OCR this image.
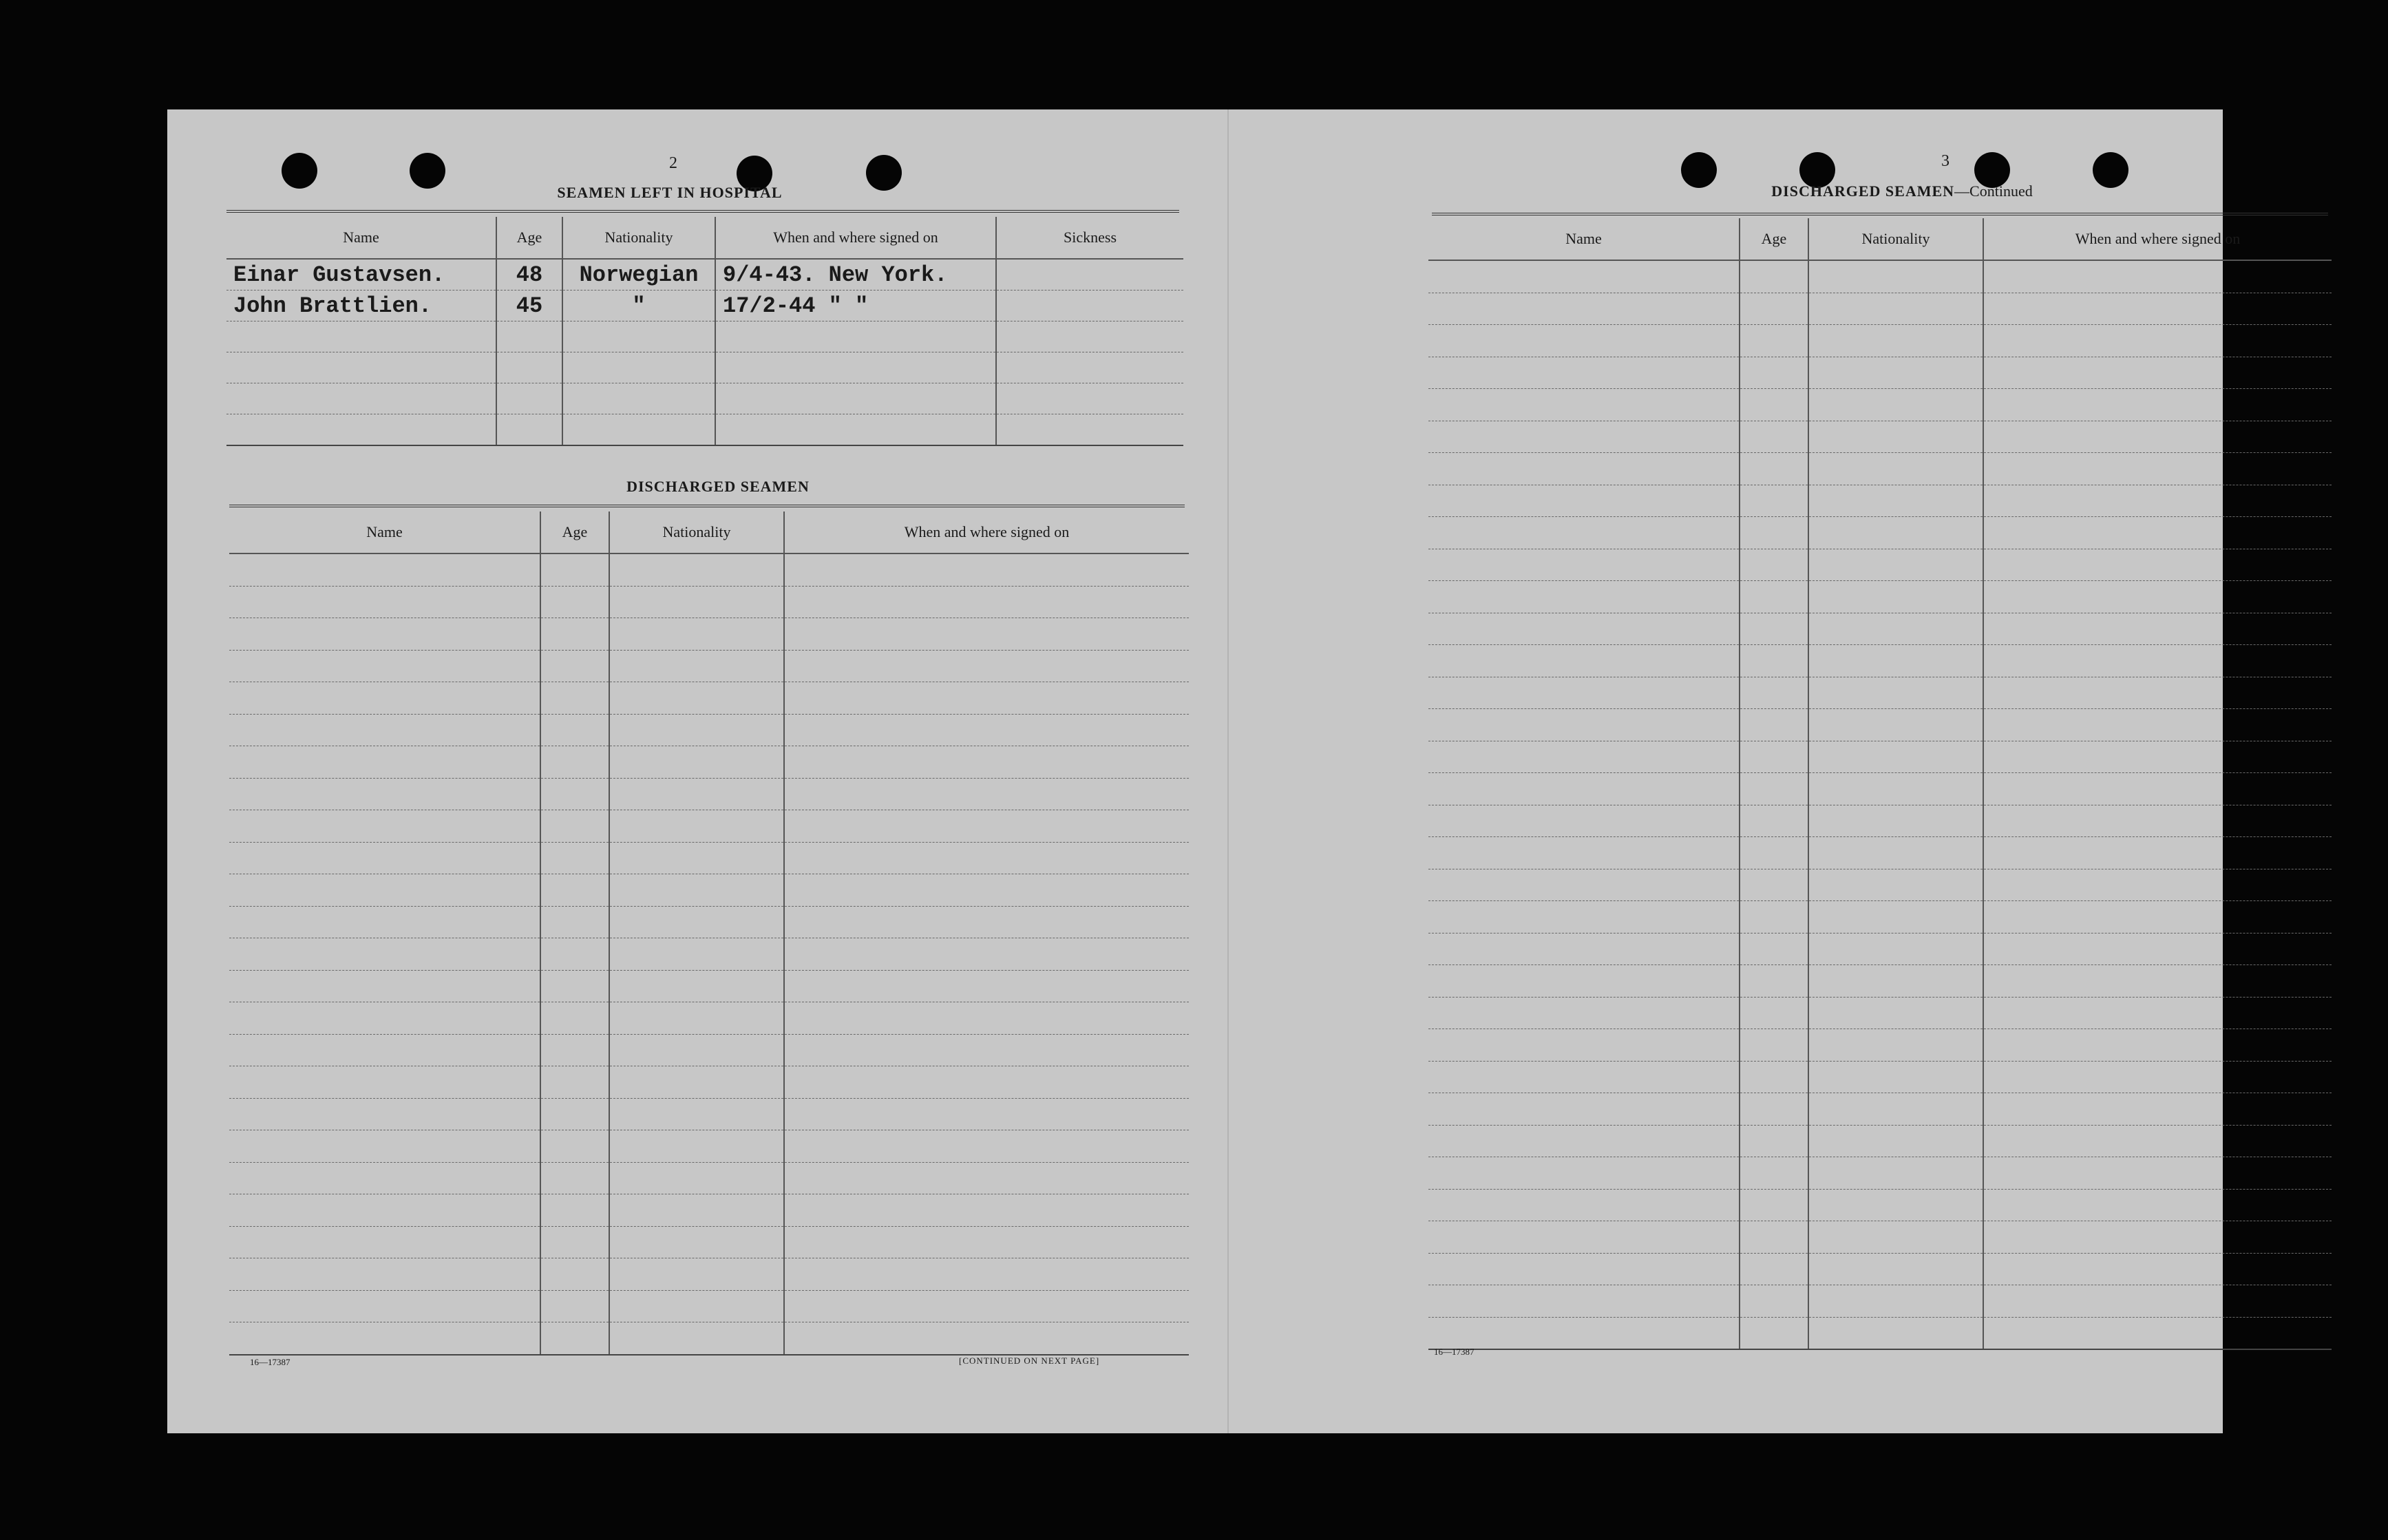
2
SEAMEN LEFT IN HOSPITAL
Name	Age	Nationality	When and where signed on	Sickness
Einar Gustavsen.	48	Norwegian	9/4-43. New York.	
John Brattlien.	45	"	17/2-44 " "	

DISCHARGED SEAMEN
Name	Age	Nationality	When and where signed on

16—17387	[CONTINUED ON NEXT PAGE]
3
DISCHARGED SEAMEN—Continued
Name	Age	Nationality	When and where signed on

16—17387
